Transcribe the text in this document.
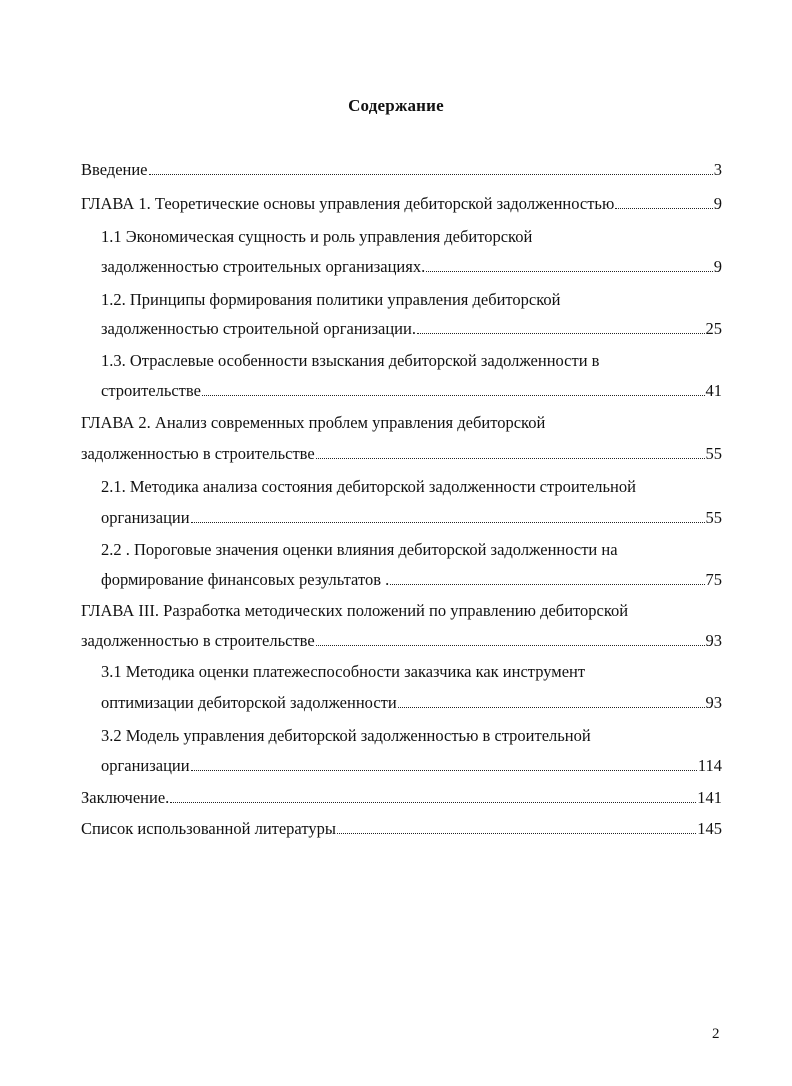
Содержание
Введение	3
ГЛАВА 1. Теоретические основы управления дебиторской задолженностью	9
1.1 Экономическая сущность и роль управления дебиторской
задолженностью строительных организациях.	9
1.2. Принципы формирования политики управления дебиторской
задолженностью строительной организации.	25
1.3. Отраслевые особенности взыскания дебиторской задолженности в
строительстве	41
ГЛАВА 2. Анализ современных проблем управления дебиторской
задолженностью в строительстве	55
2.1. Методика анализа состояния дебиторской задолженности строительной
организации	55
2.2 . Пороговые значения оценки влияния дебиторской задолженности на
формирование финансовых результатов .	75
ГЛАВА III. Разработка методических положений по управлению дебиторской
задолженностью в строительстве	93
3.1 Методика оценки платежеспособности заказчика как инструмент
оптимизации дебиторской задолженности	93
3.2 Модель управления дебиторской задолженностью в строительной
организации	114
Заключение.	141
Список использованной литературы	145
2
